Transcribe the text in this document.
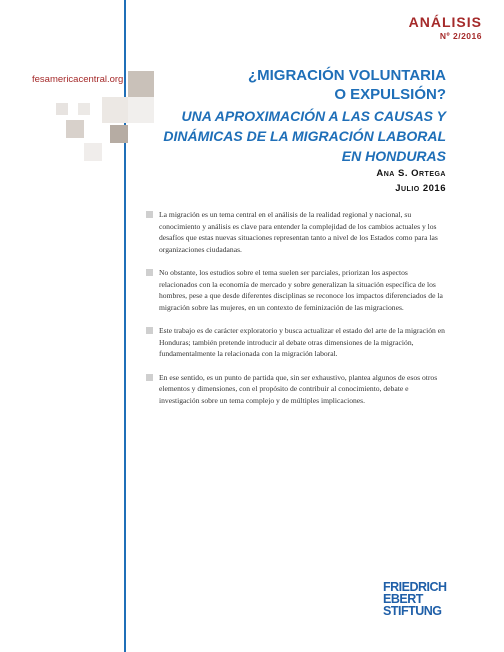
ANÁLISIS
Nº 2/2016
fesamericacentral.org	¿MIGRACIÓN VOLUNTARIA
O EXPULSIÓN?
UNA APROXIMACIÓN A LAS CAUSAS Y
DINÁMICAS DE LA MIGRACIÓN LABORAL
EN HONDURAS
Ana S. Ortega
Julio 2016
La migración es un tema central en el análisis de la realidad regional y nacional, su conocimiento y análisis es clave para entender la complejidad de los cambios actuales y los desafíos que estas nuevas situaciones representan tanto a nivel de los Estados como para las organizaciones ciudadanas.
No obstante, los estudios sobre el tema suelen ser parciales, priorizan los aspectos relacionados con la economía de mercado y sobre generalizan la situación específica de los hombres, pese a que desde diferentes disciplinas se reconoce los impactos diferenciados de la migración sobre las mujeres, en un contexto de feminización de las migraciones.
Este trabajo es de carácter exploratorio y busca actualizar el estado del arte de la migración en Honduras; también pretende introducir al debate otras dimensiones de la migración, fundamentalmente la relacionada con la migración laboral.
En ese sentido, es un punto de partida que, sin ser exhaustivo, plantea algunos de esos otros elementos y dimensiones, con el propósito de contribuir al conocimiento, debate e investigación sobre un tema complejo y de múltiples implicaciones.
FRIEDRICH
EBERT
STIFTUNG
